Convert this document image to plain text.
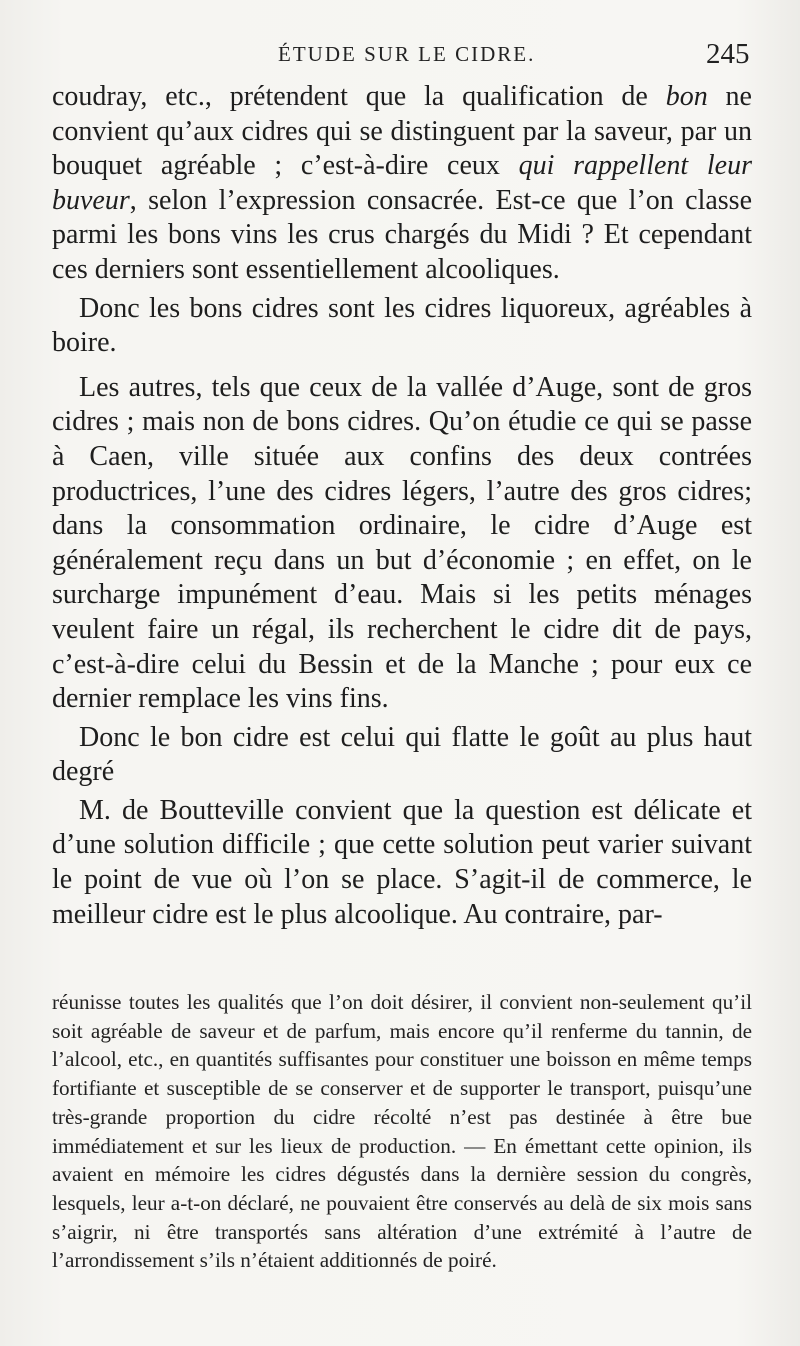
ÉTUDE SUR LE CIDRE.	245

coudray, etc., prétendent que la qualification de bon ne convient qu’aux cidres qui se distinguent par la saveur, par un bouquet agréable ; c’est-à-dire ceux qui rappellent leur buveur, selon l’expression consacrée. Est-ce que l’on classe parmi les bons vins les crus chargés du Midi ? Et cependant ces derniers sont essentiellement alcooliques.

Donc les bons cidres sont les cidres liquoreux, agréables à boire.

Les autres, tels que ceux de la vallée d’Auge, sont de gros cidres ; mais non de bons cidres. Qu’on étudie ce qui se passe à Caen, ville située aux confins des deux contrées productrices, l’une des cidres légers, l’autre des gros cidres; dans la consommation ordinaire, le cidre d’Auge est généralement reçu dans un but d’économie ; en effet, on le surcharge impunément d’eau. Mais si les petits ménages veulent faire un régal, ils recherchent le cidre dit de pays, c’est-à-dire celui du Bessin et de la Manche ; pour eux ce dernier remplace les vins fins.

Donc le bon cidre est celui qui flatte le goût au plus haut degré

M. de Boutteville convient que la question est délicate et d’une solution difficile ; que cette solution peut varier suivant le point de vue où l’on se place. S’agit-il de commerce, le meilleur cidre est le plus alcoolique. Au contraire, par-

réunisse toutes les qualités que l’on doit désirer, il convient non-seulement qu’il soit agréable de saveur et de parfum, mais encore qu’il renferme du tannin, de l’alcool, etc., en quantités suffisantes pour constituer une boisson en même temps fortifiante et susceptible de se conserver et de supporter le transport, puisqu’une très-grande proportion du cidre récolté n’est pas destinée à être bue immédiatement et sur les lieux de production. — En émettant cette opinion, ils avaient en mémoire les cidres dégustés dans la dernière session du congrès, lesquels, leur a-t-on déclaré, ne pouvaient être conservés au delà de six mois sans s’aigrir, ni être transportés sans altération d’une extrémité à l’autre de l’arrondissement s’ils n’étaient additionnés de poiré.
